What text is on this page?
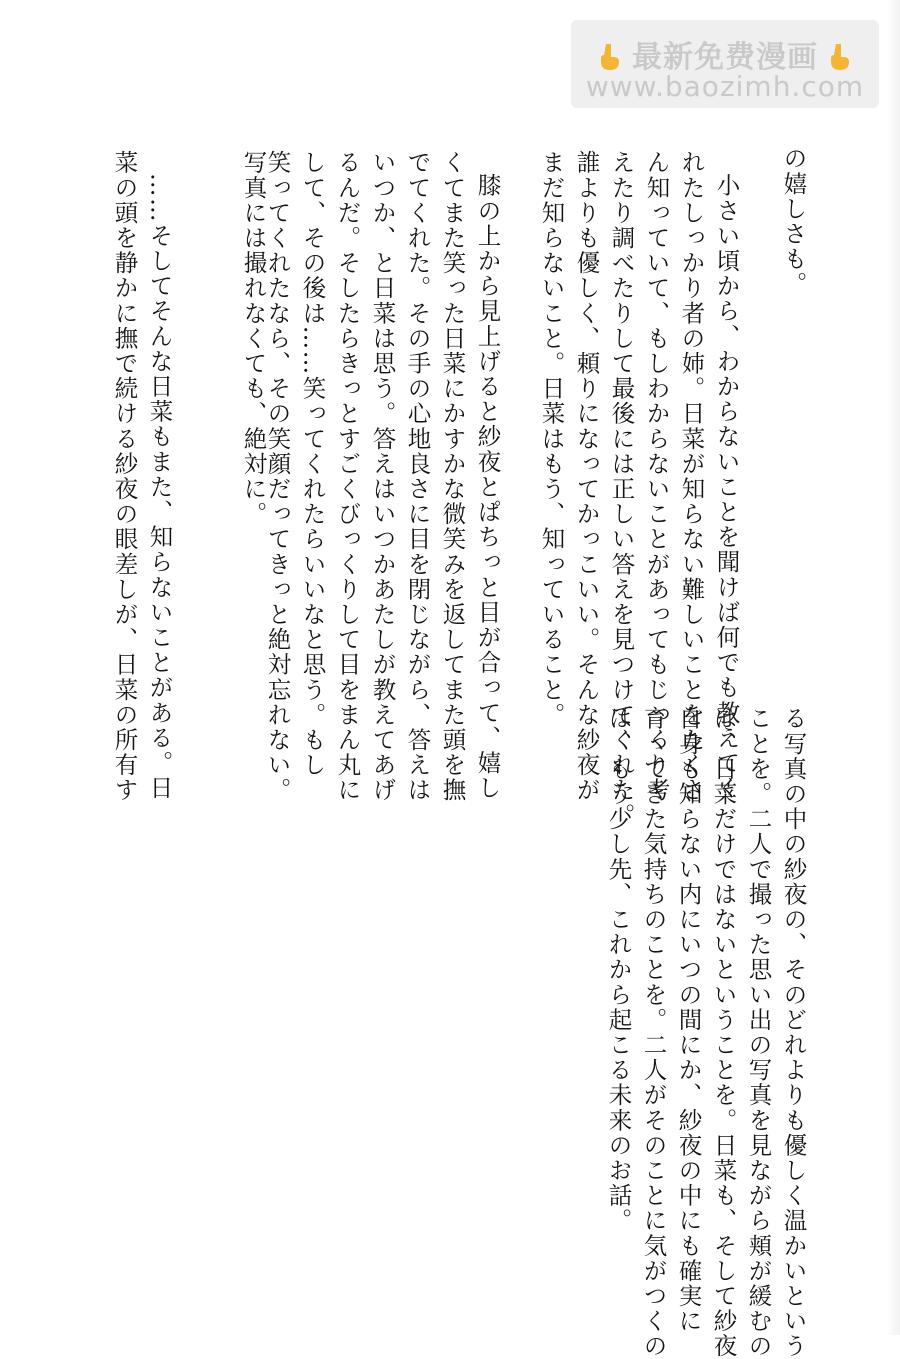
最新免费漫画
www.baozimh.com
の嬉しさも。
小さい頃から、わからないことを聞けば何でも教えてく
れたしっかり者の姉。日菜が知らない難しいことをたくさ
ん知っていて、もしわからないことがあってもじっくり考
えたり調べたりして最後には正しい答えを見つけてくれた。
誰よりも優しく、頼りになってかっこいい。そんな紗夜が
まだ知らないこと。日菜はもう、知っていること。
膝の上から見上げると紗夜とぱちっと目が合って、嬉し
くてまた笑った日菜にかすかな微笑みを返してまた頭を撫
でてくれた。その手の心地良さに目を閉じながら、答えは
いつか、と日菜は思う。答えはいつかあたしが教えてあげ
るんだ。そしたらきっとすごくびっくりして目をまん丸に
して、その後は……笑ってくれたらいいなと思う。もし
笑ってくれたなら、その笑顔だってきっと絶対忘れない。
写真には撮れなくても、絶対に。
……そしてそんな日菜もまた、知らないことがある。日
菜の頭を静かに撫で続ける紗夜の眼差しが、日菜の所有す
る写真の中の紗夜の、そのどれよりも優しく温かいという
ことを。二人で撮った思い出の写真を見ながら頬が緩むの
は、日菜だけではないということを。日菜も、そして紗夜
自身も知らない内にいつの間にか、紗夜の中にも確実に
育ってきた気持ちのことを。二人がそのことに気がつくの
は、もう少し先、これから起こる未来のお話。
